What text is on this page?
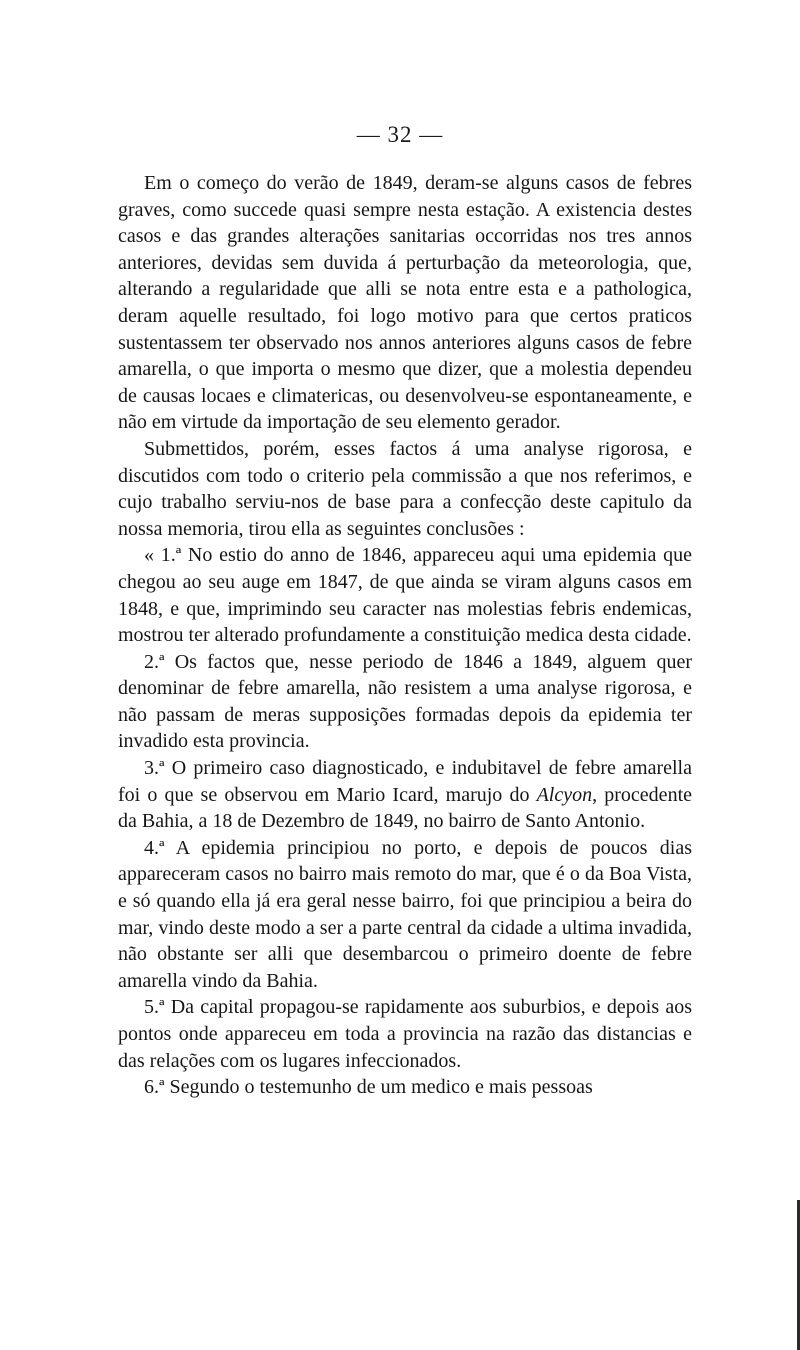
— 32 —

Em o começo do verão de 1849, deram-se alguns casos de febres graves, como succede quasi sempre nesta estação. A existencia destes casos e das grandes alterações sanitarias occorridas nos tres annos anteriores, devidas sem duvida á perturbação da meteorologia, que, alterando a regularidade que alli se nota entre esta e a pathologica, deram aquelle resultado, foi logo motivo para que certos praticos sustentassem ter observado nos annos anteriores alguns casos de febre amarella, o que importa o mesmo que dizer, que a molestia dependeu de causas locaes e climatericas, ou desenvolveu-se espontaneamente, e não em virtude da importação de seu elemento gerador.

Submettidos, porém, esses factos á uma analyse rigorosa, e discutidos com todo o criterio pela commissão a que nos referimos, e cujo trabalho serviu-nos de base para a confecção deste capitulo da nossa memoria, tirou ella as seguintes conclusões :

« 1.ª No estio do anno de 1846, appareceu aqui uma epidemia que chegou ao seu auge em 1847, de que ainda se viram alguns casos em 1848, e que, imprimindo seu caracter nas molestias febris endemicas, mostrou ter alterado profundamente a constituição medica desta cidade.

2.ª Os factos que, nesse periodo de 1846 a 1849, alguem quer denominar de febre amarella, não resistem a uma analyse rigorosa, e não passam de meras supposições formadas depois da epidemia ter invadido esta provincia.

3.ª O primeiro caso diagnosticado, e indubitavel de febre amarella foi o que se observou em Mario Icard, marujo do Alcyon, procedente da Bahia, a 18 de Dezembro de 1849, no bairro de Santo Antonio.

4.ª A epidemia principiou no porto, e depois de poucos dias appareceram casos no bairro mais remoto do mar, que é o da Boa Vista, e só quando ella já era geral nesse bairro, foi que principiou a beira do mar, vindo deste modo a ser a parte central da cidade a ultima invadida, não obstante ser alli que desembarcou o primeiro doente de febre amarella vindo da Bahia.

5.ª Da capital propagou-se rapidamente aos suburbios, e depois aos pontos onde appareceu em toda a provincia na razão das distancias e das relações com os lugares infeccionados.

6.ª Segundo o testemunho de um medico e mais pessoas
